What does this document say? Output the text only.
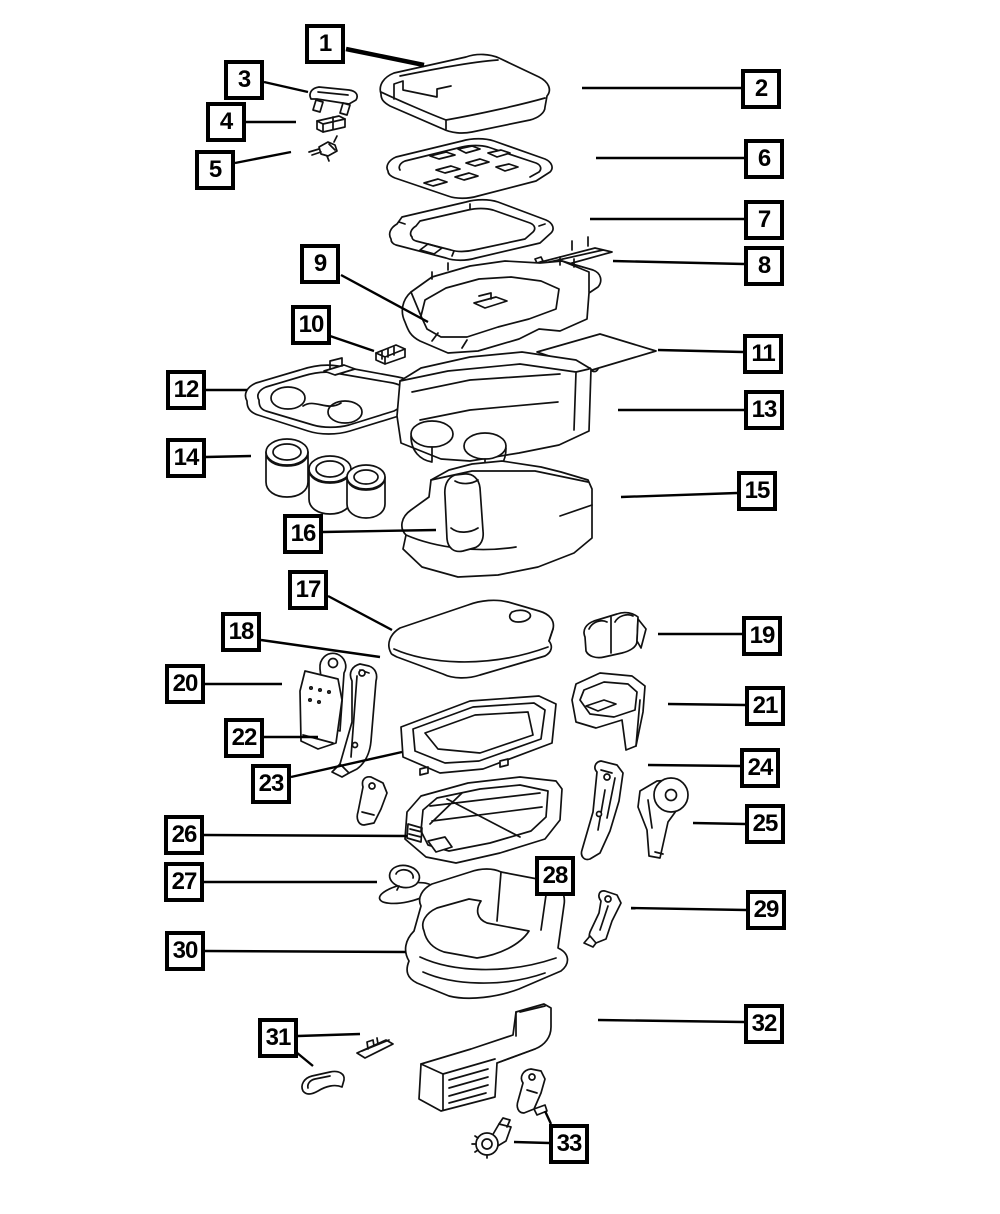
1
2
3
4
5	6
7
8
9
10
11
12
13
14
15
16
17
18	19
20
21
22
23
24
25
26
27	28
29
30
31
32
33
